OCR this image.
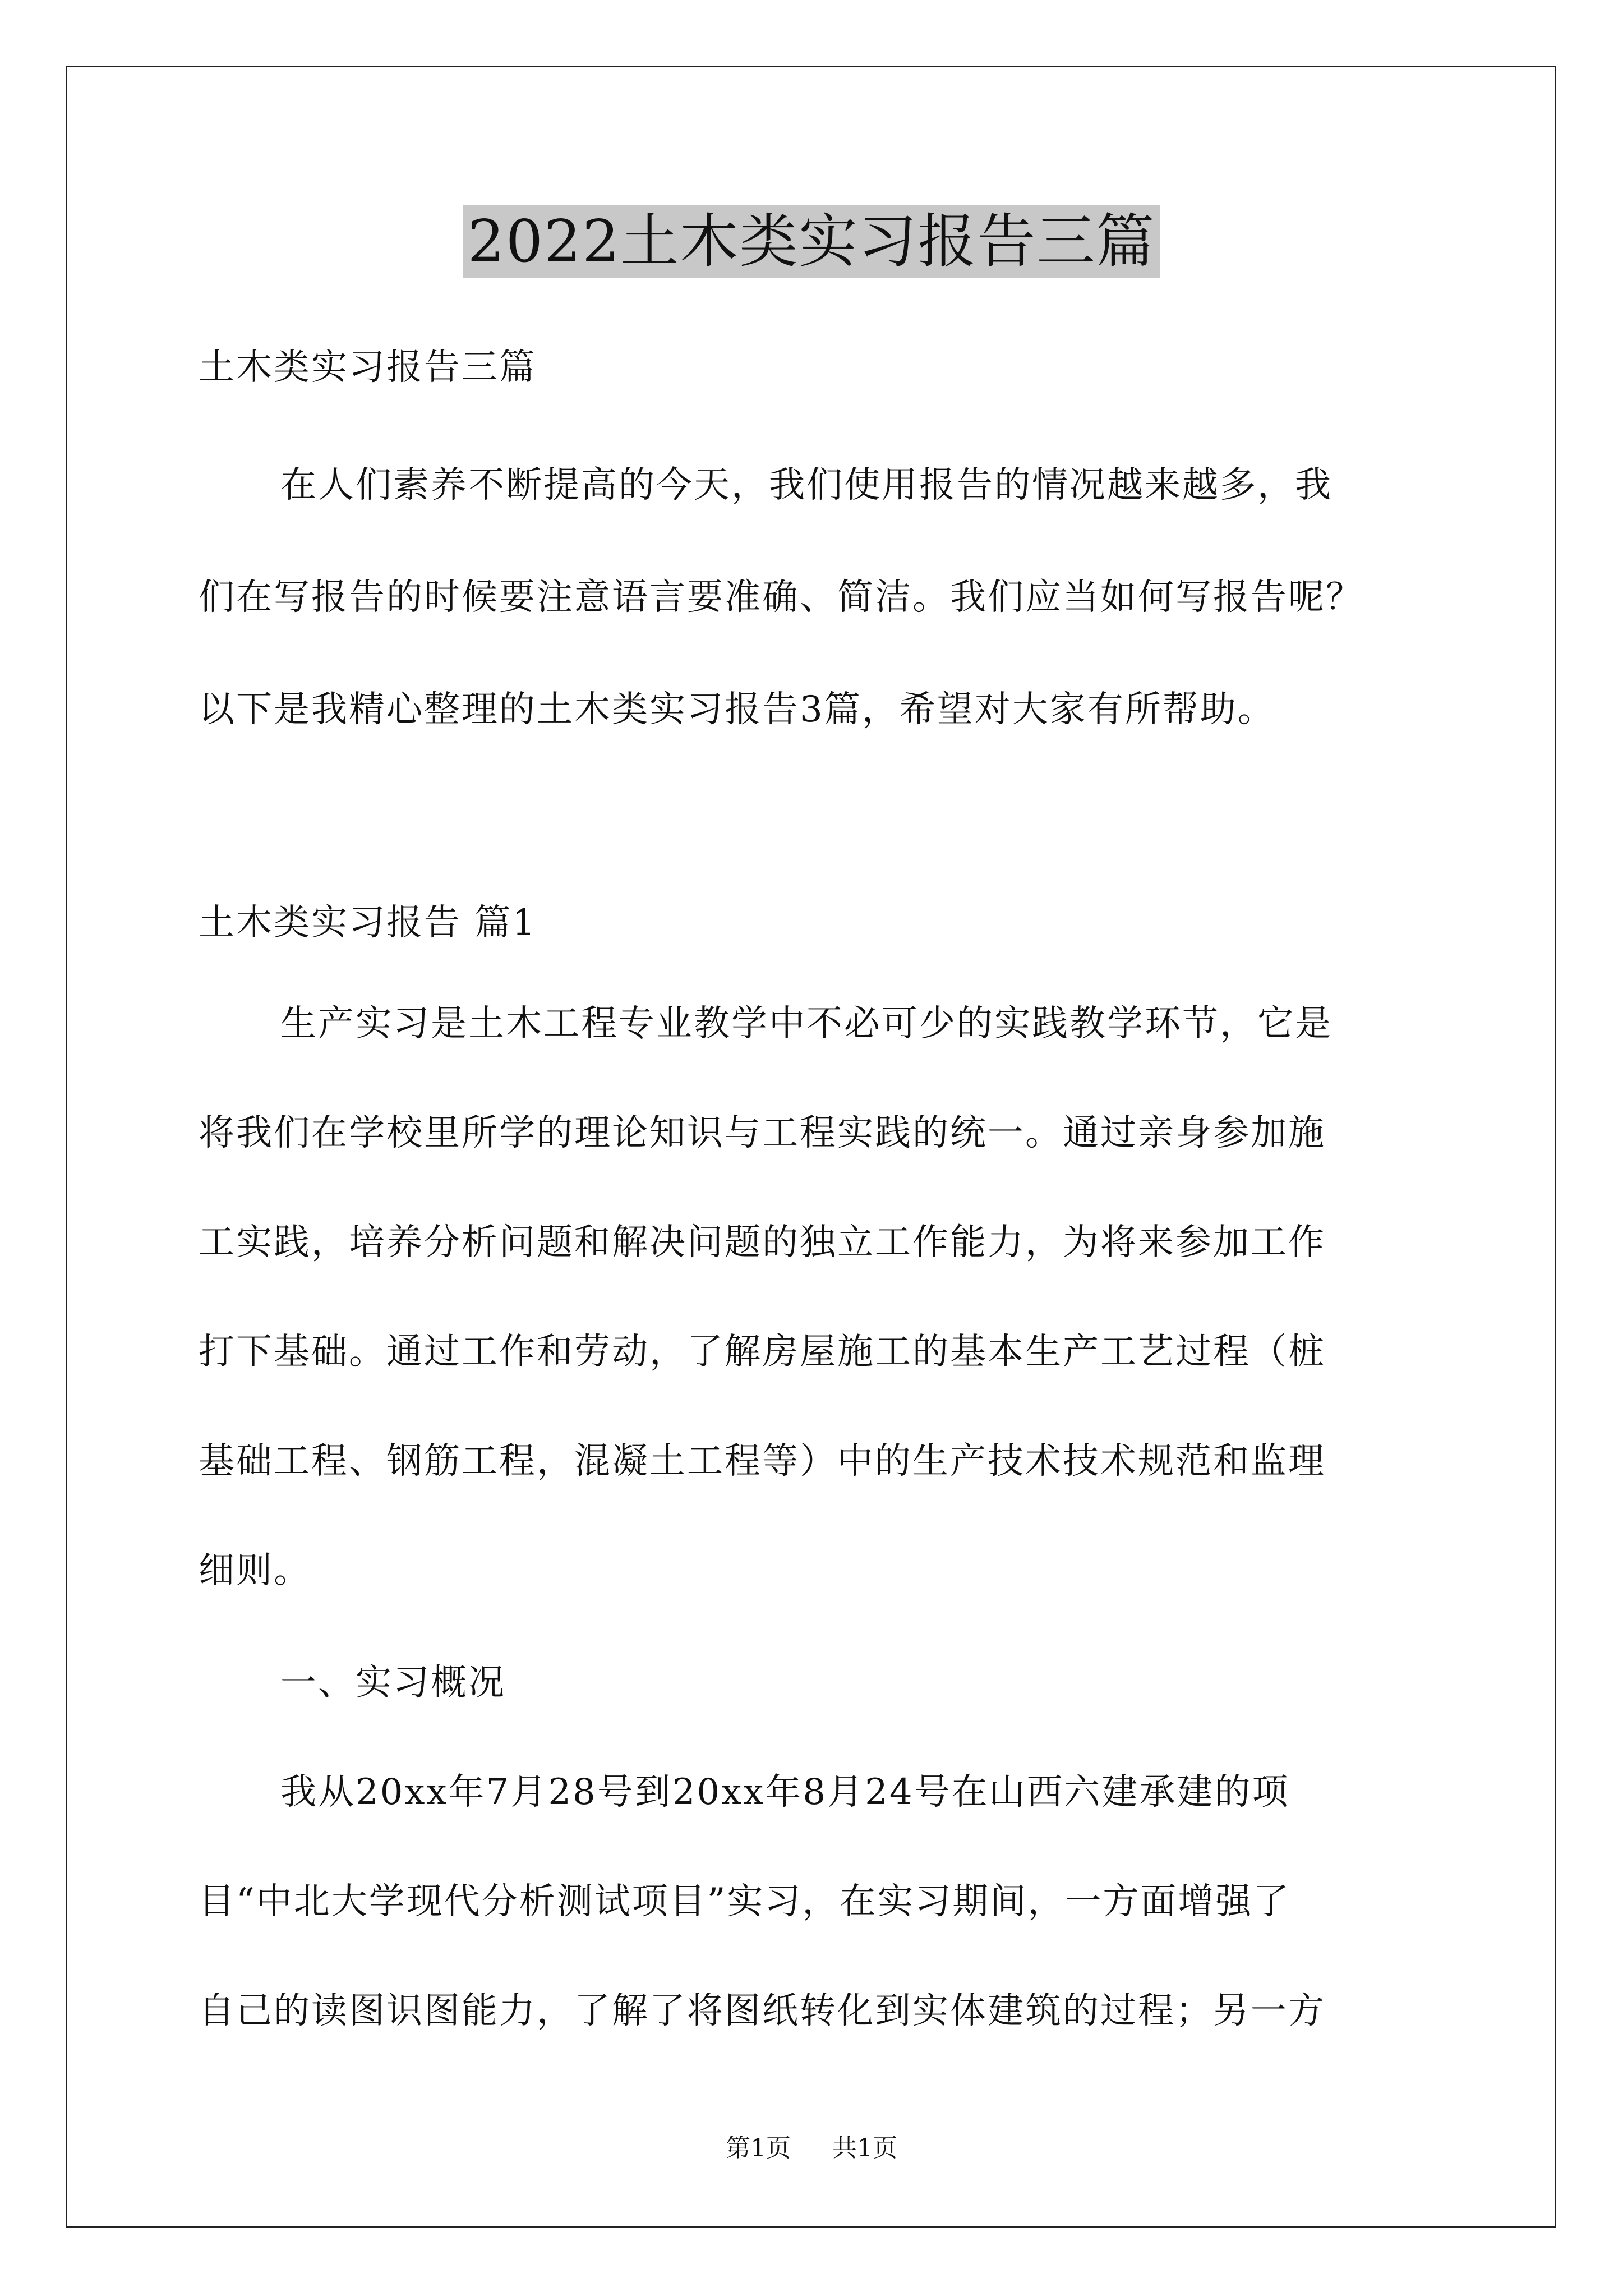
2022土木类实习报告三篇
土木类实习报告三篇
在人们素养不断提高的今天，我们使用报告的情况越来越多，我
们在写报告的时候要注意语言要准确、简洁。我们应当如何写报告呢？
以下是我精心整理的土木类实习报告3篇，希望对大家有所帮助。
土木类实习报告 篇1
生产实习是土木工程专业教学中不必可少的实践教学环节，它是
将我们在学校里所学的理论知识与工程实践的统一。通过亲身参加施
工实践，培养分析问题和解决问题的独立工作能力，为将来参加工作
打下基础。通过工作和劳动，了解房屋施工的基本生产工艺过程（桩
基础工程、钢筋工程，混凝土工程等）中的生产技术技术规范和监理
细则。
一、实习概况
我从20xx年7月28号到20xx年8月24号在山西六建承建的项
目“中北大学现代分析测试项目”实习，在实习期间，一方面增强了
自己的读图识图能力，了解了将图纸转化到实体建筑的过程；另一方
第1页 共1页
